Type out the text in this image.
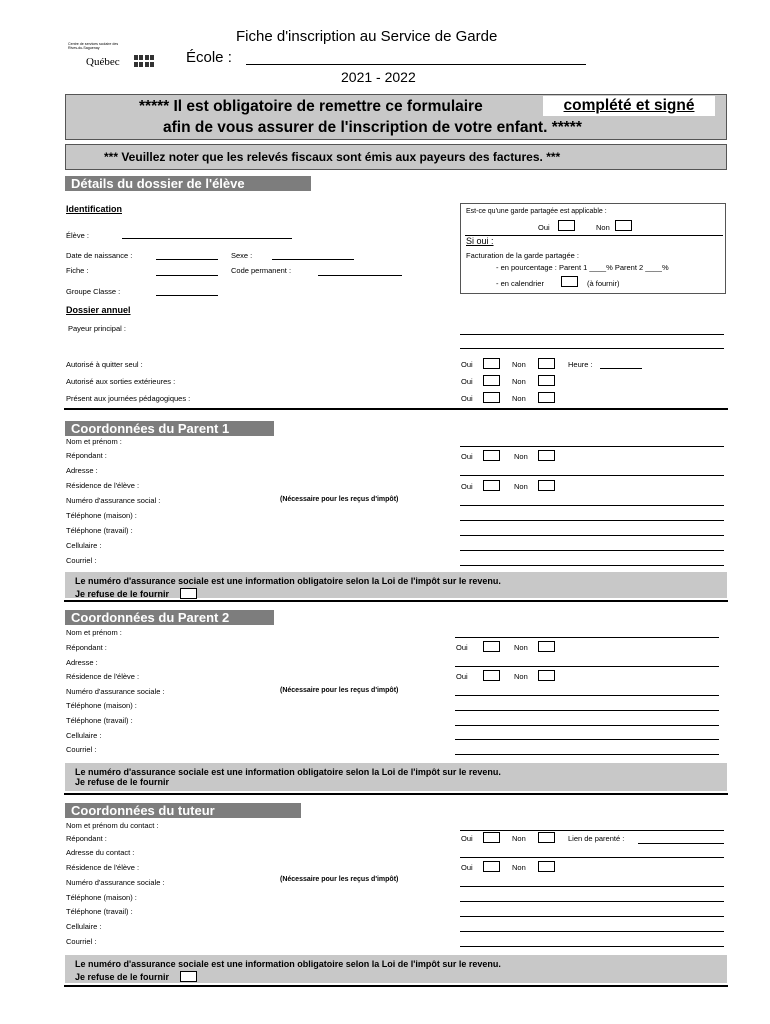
Centre de services scolaire des Rives-du-Saguenay
Québec
Fiche d'inscription au Service de Garde
École :
2021 - 2022
***** Il est obligatoire de remettre ce formulaire	complété et signé
afin de vous assurer de l'inscription de votre enfant. *****
*** Veuillez noter que les relevés fiscaux sont émis aux payeurs des factures. ***
Détails du dossier de l'élève
Identification
Élève :
Date de naissance :	Sexe :
Fiche :	Code permanent :
Groupe Classe :
Est-ce qu'une garde partagée est applicable :
Oui	Non
Si oui :
Facturation de la garde partagée :
- en pourcentage : Parent 1 ____% Parent 2 ____%
- en calendrier	(à fournir)
Dossier annuel
Payeur principal :
Autorisé à quitter seul :	Oui	Non	Heure :
Autorisé aux sorties extérieures :	Oui	Non
Présent aux journées pédagogiques :	Oui	Non
Coordonnées du Parent 1
Nom et prénom :
Répondant :	Oui	Non
Adresse :
Résidence de l'élève :	Oui	Non
Numéro d'assurance social :	(Nécessaire pour les reçus d'impôt)
Téléphone (maison) :
Téléphone (travail) :
Cellulaire :
Courriel :
Le numéro d'assurance sociale est une information obligatoire selon la Loi de l'impôt sur le revenu.
Je refuse de le fournir
Coordonnées du Parent 2
Nom et prénom :
Répondant :	Oui	Non
Adresse :
Résidence de l'élève :	Oui	Non
Numéro d'assurance sociale :	(Nécessaire pour les reçus d'impôt)
Téléphone (maison) :
Téléphone (travail) :
Cellulaire :
Courriel :
Le numéro d'assurance sociale est une information obligatoire selon la Loi de l'impôt sur le revenu.
Je refuse de le fournir
Coordonnées du tuteur
Nom et prénom du contact :
Répondant :	Oui	Non	Lien de parenté :
Adresse du contact :
Résidence de l'élève :	Oui	Non
Numéro d'assurance sociale :	(Nécessaire pour les reçus d'impôt)
Téléphone (maison) :
Téléphone (travail) :
Cellulaire :
Courriel :
Le numéro d'assurance sociale est une information obligatoire selon la Loi de l'impôt sur le revenu.
Je refuse de le fournir
